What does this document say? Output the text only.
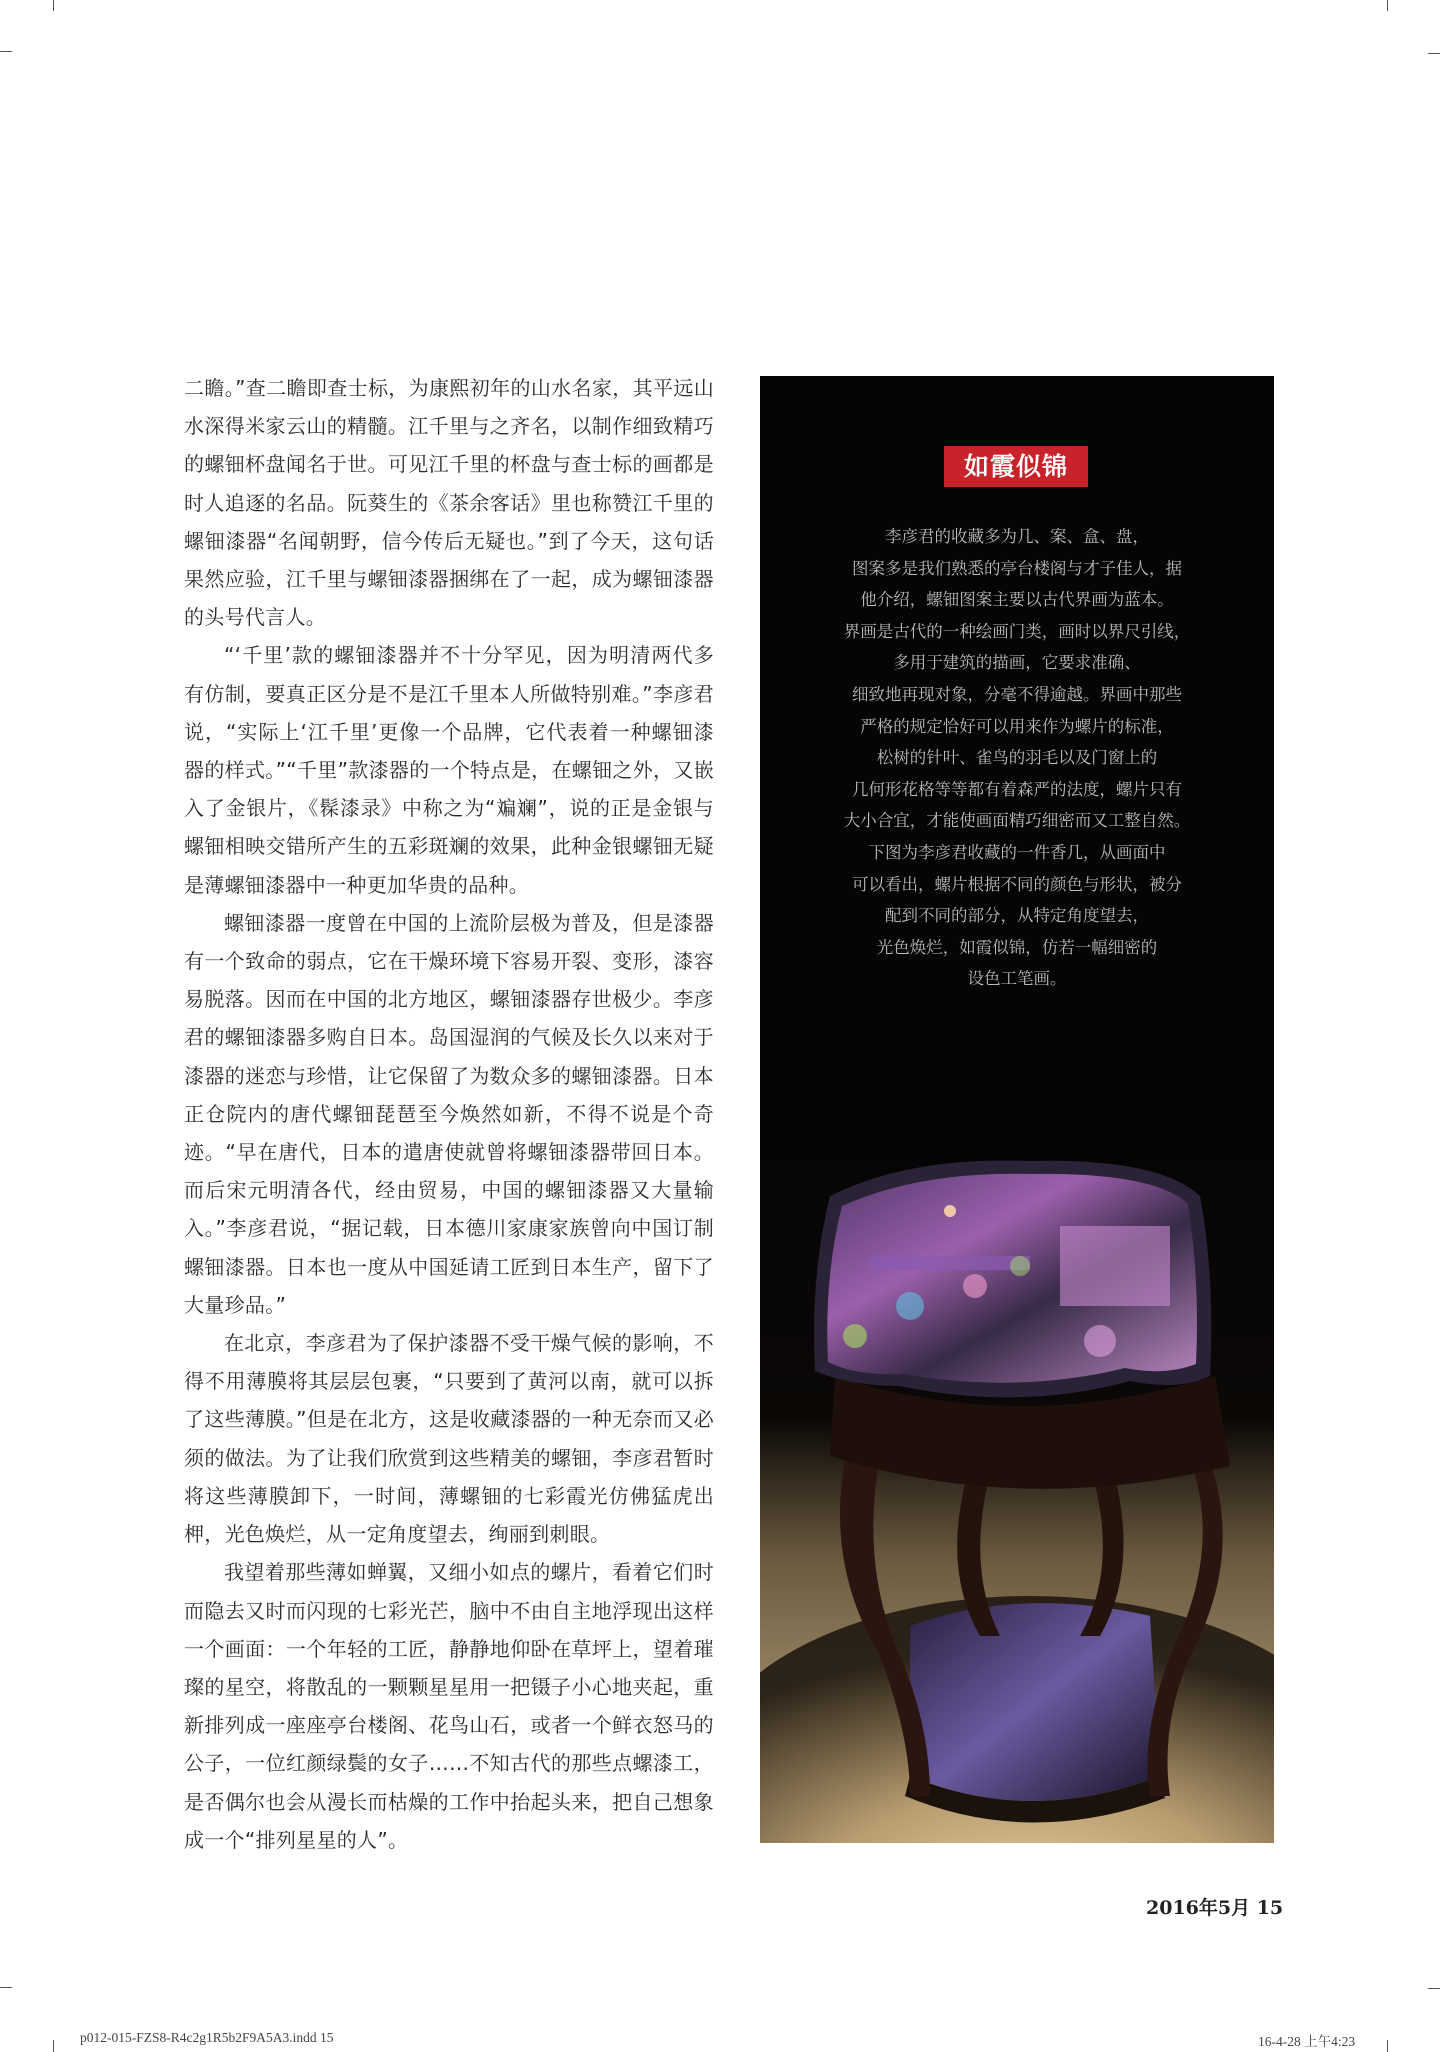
二瞻。”查二瞻即查士标，为康熙初年的山水名家，其平远山水深得米家云山的精髓。江千里与之齐名，以制作细致精巧的螺钿杯盘闻名于世。可见江千里的杯盘与查士标的画都是时人追逐的名品。阮葵生的《茶余客话》里也称赞江千里的螺钿漆器“名闻朝野，信今传后无疑也。”到了今天，这句话果然应验，江千里与螺钿漆器捆绑在了一起，成为螺钿漆器的头号代言人。

“‘千里’款的螺钿漆器并不十分罕见，因为明清两代多有仿制，要真正区分是不是江千里本人所做特别难。”李彦君说，“实际上‘江千里’更像一个品牌，它代表着一种螺钿漆器的样式。”“千里”款漆器的一个特点是，在螺钿之外，又嵌入了金银片，《髹漆录》中称之为“斒斓”，说的正是金银与螺钿相映交错所产生的五彩斑斓的效果，此种金银螺钿无疑是薄螺钿漆器中一种更加华贵的品种。

螺钿漆器一度曾在中国的上流阶层极为普及，但是漆器有一个致命的弱点，它在干燥环境下容易开裂、变形，漆容易脱落。因而在中国的北方地区，螺钿漆器存世极少。李彦君的螺钿漆器多购自日本。岛国湿润的气候及长久以来对于漆器的迷恋与珍惜，让它保留了为数众多的螺钿漆器。日本正仓院内的唐代螺钿琵琶至今焕然如新，不得不说是个奇迹。“早在唐代，日本的遣唐使就曾将螺钿漆器带回日本。而后宋元明清各代，经由贸易，中国的螺钿漆器又大量输入。”李彦君说，“据记载，日本德川家康家族曾向中国订制螺钿漆器。日本也一度从中国延请工匠到日本生产，留下了大量珍品。”

在北京，李彦君为了保护漆器不受干燥气候的影响，不得不用薄膜将其层层包裹，“只要到了黄河以南，就可以拆了这些薄膜。”但是在北方，这是收藏漆器的一种无奈而又必须的做法。为了让我们欣赏到这些精美的螺钿，李彦君暂时将这些薄膜卸下，一时间，薄螺钿的七彩霞光仿佛猛虎出柙，光色焕烂，从一定角度望去，绚丽到刺眼。

我望着那些薄如蝉翼，又细小如点的螺片，看着它们时而隐去又时而闪现的七彩光芒，脑中不由自主地浮现出这样一个画面：一个年轻的工匠，静静地仰卧在草坪上，望着璀璨的星空，将散乱的一颗颗星星用一把镊子小心地夹起，重新排列成一座座亭台楼阁、花鸟山石，或者一个鲜衣怒马的公子，一位红颜绿鬓的女子……不知古代的那些点螺漆工，是否偶尔也会从漫长而枯燥的工作中抬起头来，把自己想象成一个“排列星星的人”。

如霞似锦
李彦君的收藏多为几、案、盒、盘，
图案多是我们熟悉的亭台楼阁与才子佳人，据
他介绍，螺钿图案主要以古代界画为蓝本。
界画是古代的一种绘画门类，画时以界尺引线，
多用于建筑的描画，它要求准确、
细致地再现对象，分毫不得逾越。界画中那些
严格的规定恰好可以用来作为螺片的标准，
松树的针叶、雀鸟的羽毛以及门窗上的
几何形花格等等都有着森严的法度，螺片只有
大小合宜，才能使画面精巧细密而又工整自然。
下图为李彦君收藏的一件香几，从画面中
可以看出，螺片根据不同的颜色与形状，被分
配到不同的部分，从特定角度望去，
光色焕烂，如霞似锦，仿若一幅细密的
设色工笔画。
2016年5月 15
p012-015-FZS8-R4c2g1R5b2F9A5A3.indd 15	16-4-28 上午4:23
